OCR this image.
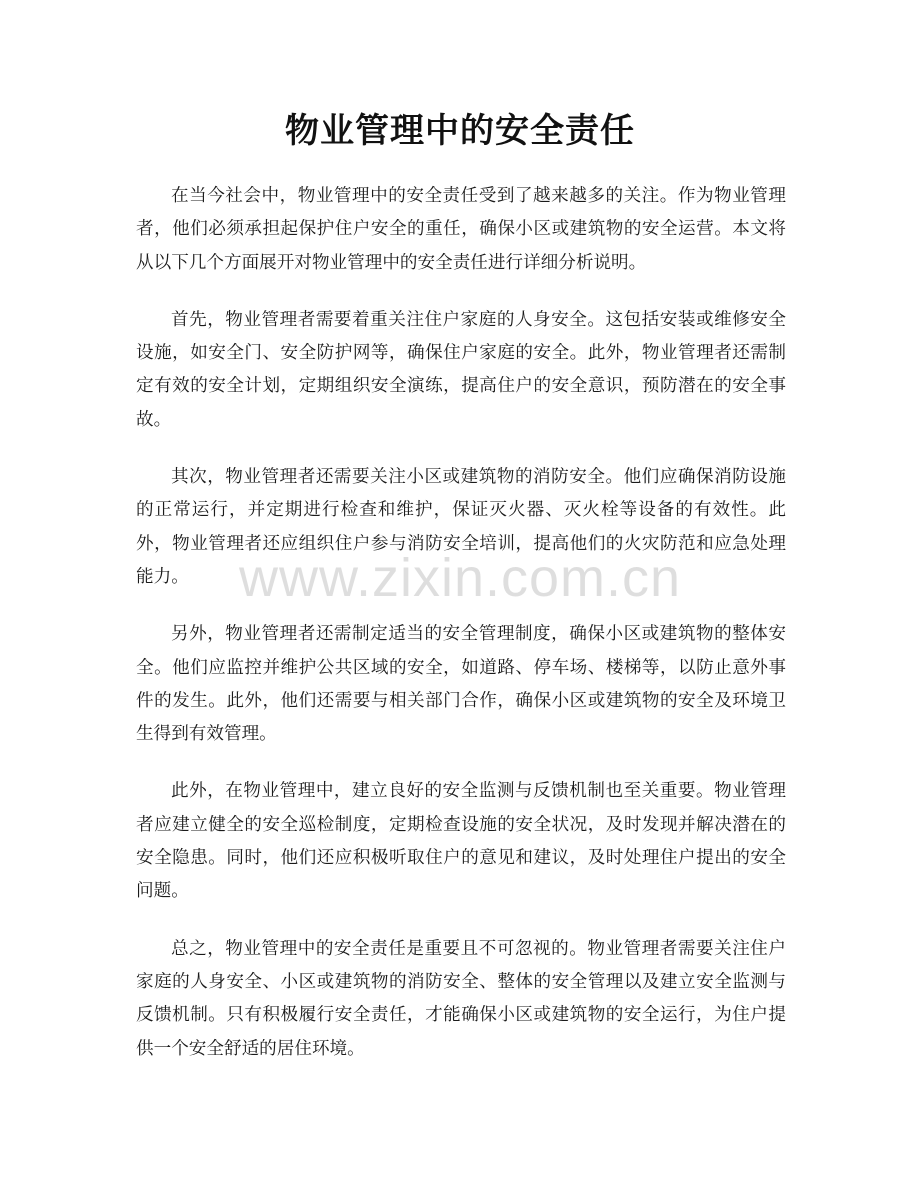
物业管理中的安全责任

在当今社会中，物业管理中的安全责任受到了越来越多的关注。作为物业管理者，他们必须承担起保护住户安全的重任，确保小区或建筑物的安全运营。本文将从以下几个方面展开对物业管理中的安全责任进行详细分析说明。

首先，物业管理者需要着重关注住户家庭的人身安全。这包括安装或维修安全设施，如安全门、安全防护网等，确保住户家庭的安全。此外，物业管理者还需制定有效的安全计划，定期组织安全演练，提高住户的安全意识，预防潜在的安全事故。

其次，物业管理者还需要关注小区或建筑物的消防安全。他们应确保消防设施的正常运行，并定期进行检查和维护，保证灭火器、灭火栓等设备的有效性。此外，物业管理者还应组织住户参与消防安全培训，提高他们的火灾防范和应急处理能力。

另外，物业管理者还需制定适当的安全管理制度，确保小区或建筑物的整体安全。他们应监控并维护公共区域的安全，如道路、停车场、楼梯等，以防止意外事件的发生。此外，他们还需要与相关部门合作，确保小区或建筑物的安全及环境卫生得到有效管理。

此外，在物业管理中，建立良好的安全监测与反馈机制也至关重要。物业管理者应建立健全的安全巡检制度，定期检查设施的安全状况，及时发现并解决潜在的安全隐患。同时，他们还应积极听取住户的意见和建议，及时处理住户提出的安全问题。

总之，物业管理中的安全责任是重要且不可忽视的。物业管理者需要关注住户家庭的人身安全、小区或建筑物的消防安全、整体的安全管理以及建立安全监测与反馈机制。只有积极履行安全责任，才能确保小区或建筑物的安全运行，为住户提供一个安全舒适的居住环境。

www.zixin.com.cn
